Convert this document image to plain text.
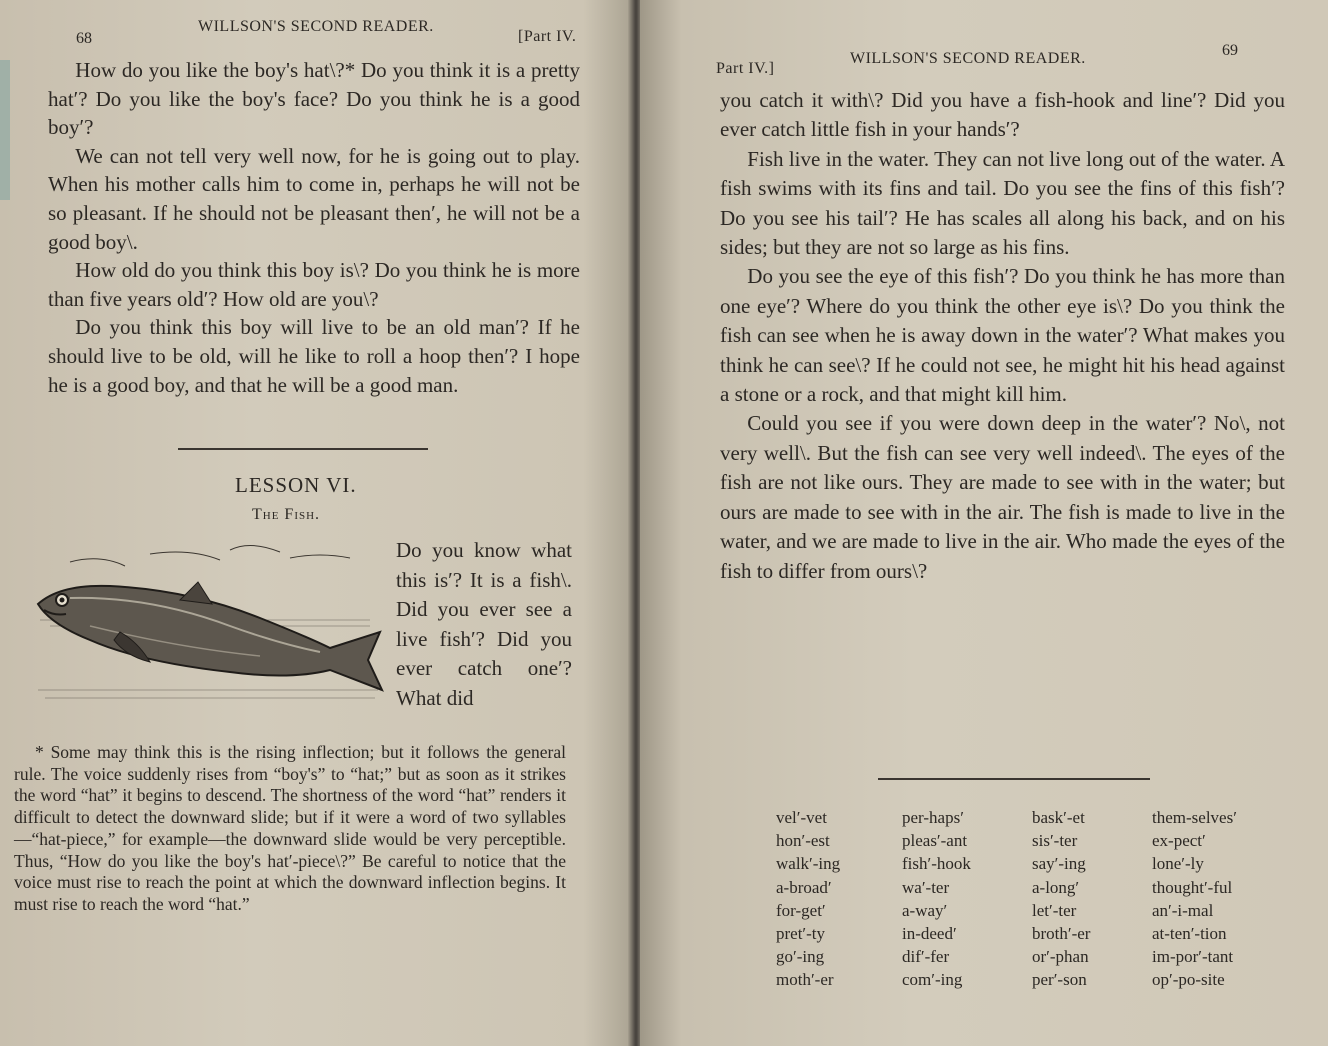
68
WILLSON'S SECOND READER.
[Part IV.

How do you like the boy's hat\?* Do you think it is a pretty hat′? Do you like the boy's face? Do you think he is a good boy′?

We can not tell very well now, for he is going out to play. When his mother calls him to come in, perhaps he will not be so pleasant. If he should not be pleasant then′, he will not be a good boy\.

How old do you think this boy is\? Do you think he is more than five years old′? How old are you\?

Do you think this boy will live to be an old man′? If he should live to be old, will he like to roll a hoop then′? I hope he is a good boy, and that he will be a good man.

LESSON VI.
The Fish.
Do you know what this is′? It is a fish\. Did you ever see a live fish′? Did you ever catch one′? What did

* Some may think this is the rising inflection; but it follows the general rule. The voice suddenly rises from “boy's” to “hat;” but as soon as it strikes the word “hat” it begins to descend. The shortness of the word “hat” renders it difficult to detect the downward slide; but if it were a word of two syllables—“hat-piece,” for example—the downward slide would be very perceptible. Thus, “How do you like the boy's hat′-piece\?” Be careful to notice that the voice must rise to reach the point at which the downward inflection begins. It must rise to reach the word “hat.”

Part IV.]
WILLSON'S SECOND READER.	69

you catch it with\? Did you have a fish-hook and line′? Did you ever catch little fish in your hands′?

Fish live in the water. They can not live long out of the water. A fish swims with its fins and tail. Do you see the fins of this fish′? Do you see his tail′? He has scales all along his back, and on his sides; but they are not so large as his fins.

Do you see the eye of this fish′? Do you think he has more than one eye′? Where do you think the other eye is\? Do you think the fish can see when he is away down in the water′? What makes you think he can see\? If he could not see, he might hit his head against a stone or a rock, and that might kill him.

Could you see if you were down deep in the water′? No\, not very well\. But the fish can see very well indeed\. The eyes of the fish are not like ours. They are made to see with in the water; but ours are made to see with in the air. The fish is made to live in the water, and we are made to live in the air. Who made the eyes of the fish to differ from ours\?

vel′-vet
hon′-est
walk′-ing
a-broad′
for-get′
pret′-ty
go′-ing
moth′-er
per-haps′
pleas′-ant
fish′-hook
wa′-ter
a-way′
in-deed′
dif′-fer
com′-ing
bask′-et
sis′-ter
say′-ing
a-long′
let′-ter
broth′-er
or′-phan
per′-son
them-selves′
ex-pect′
lone′-ly
thought′-ful
an′-i-mal
at-ten′-tion
im-por′-tant
op′-po-site
